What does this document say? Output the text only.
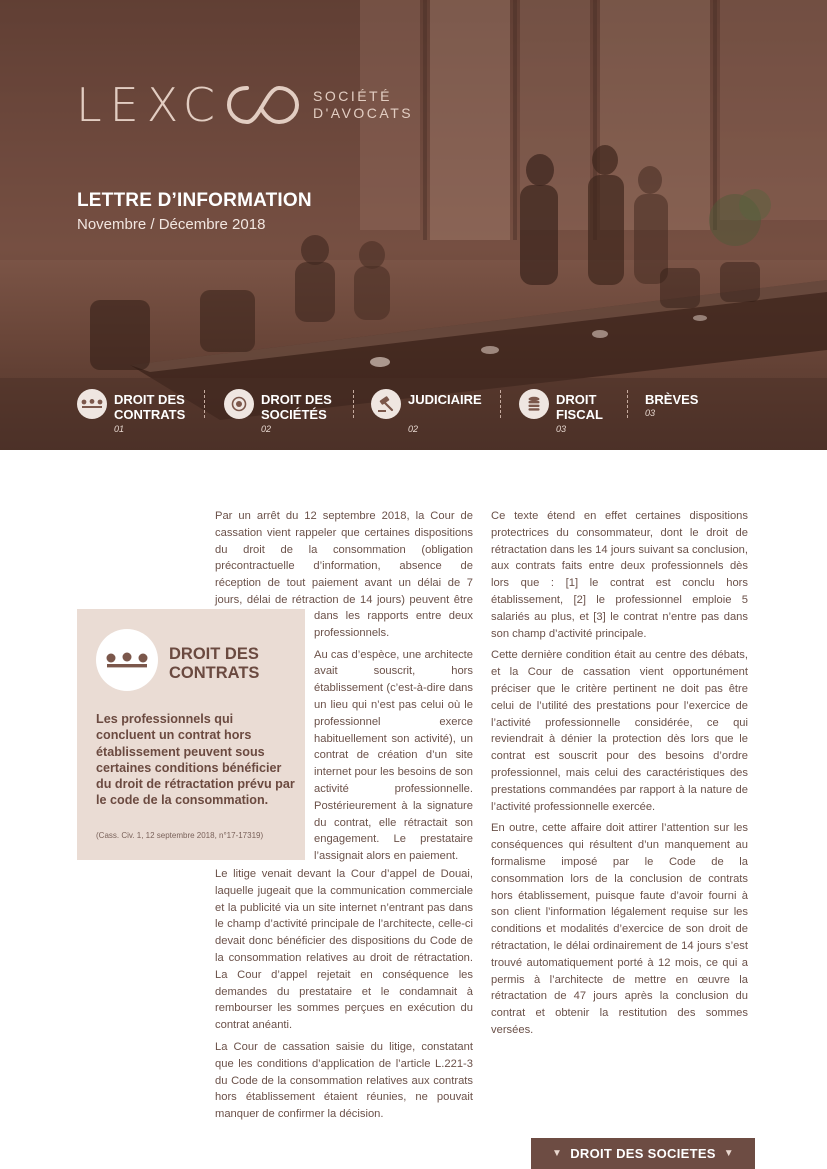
LEXC	SOCIÉTÉ
D'AVOCATS
LETTRE D’INFORMATION
Novembre / Décembre 2018
DROIT DES
CONTRATS
01
DROIT DES
SOCIÉTÉS
02
JUDICIAIRE
02
DROIT
FISCAL
03
BRÈVES
03

Par un arrêt du 12 septembre 2018, la Cour de cassation vient rappeler que certaines dispositions du droit de la consommation (obligation précontractuelle d’information, absence de réception de tout paiement avant un délai de 7 jours, délai de rétraction de 14 jours) peuvent être

DROIT DES
CONTRATS
Les professionnels qui concluent un contrat hors établissement peuvent sous certaines conditions bénéficier du droit de rétractation prévu par le code de la consommation.
(Cass. Civ. 1, 12 septembre 2018, n°17-17319)

dans les rapports entre deux professionnels.

Au cas d’espèce, une architecte avait souscrit, hors établissement (c’est-à-dire dans un lieu qui n’est pas celui où le professionnel exerce habituellement son activité), un contrat de création d’un site internet pour les besoins de son activité professionnelle. Postérieurement à la signature du contrat, elle rétractait son engagement. Le prestataire l’assignait alors en paiement.

Le litige venait devant la Cour d’appel de Douai, laquelle jugeait que la communication commerciale et la publicité via un site internet n’entrant pas dans le champ d’activité principale de l’architecte, celle-ci devait donc bénéficier des dispositions du Code de la consommation relatives au droit de rétractation. La Cour d’appel rejetait en conséquence les demandes du prestataire et le condamnait à rembourser les sommes perçues en exécution du contrat anéanti.

La Cour de cassation saisie du litige, constatant que les conditions d’application de l’article L.221-3 du Code de la consommation relatives aux contrats hors établissement étaient réunies, ne pouvait manquer de confirmer la décision.

Ce texte étend en effet certaines dispositions protectrices du consommateur, dont le droit de rétractation dans les 14 jours suivant sa conclusion, aux contrats faits entre deux professionnels dès lors que : [1] le contrat est conclu hors établissement, [2] le professionnel emploie 5 salariés au plus, et [3] le contrat n’entre pas dans son champ d’activité principale.

Cette dernière condition était au centre des débats, et la Cour de cassation vient opportunément préciser que le critère pertinent ne doit pas être celui de l’utilité des prestations pour l’exercice de l’activité professionnelle considérée, ce qui reviendrait à dénier la protection dès lors que le contrat est souscrit pour des besoins d’ordre professionnel, mais celui des caractéristiques des prestations commandées par rapport à la nature de l’activité professionnelle exercée.

En outre, cette affaire doit attirer l’attention sur les conséquences qui résultent d’un manquement au formalisme imposé par le Code de la consommation lors de la conclusion de contrats hors établissement, puisque faute d’avoir fourni à son client l’information légalement requise sur les conditions et modalités d’exercice de son droit de rétractation, le délai ordinairement de 14 jours s’est trouvé automatiquement porté à 12 mois, ce qui a permis à l’architecte de mettre en œuvre la rétractation de 47 jours après la conclusion du contrat et obtenir la restitution des sommes versées.

▼ DROIT DES SOCIETES ▼
